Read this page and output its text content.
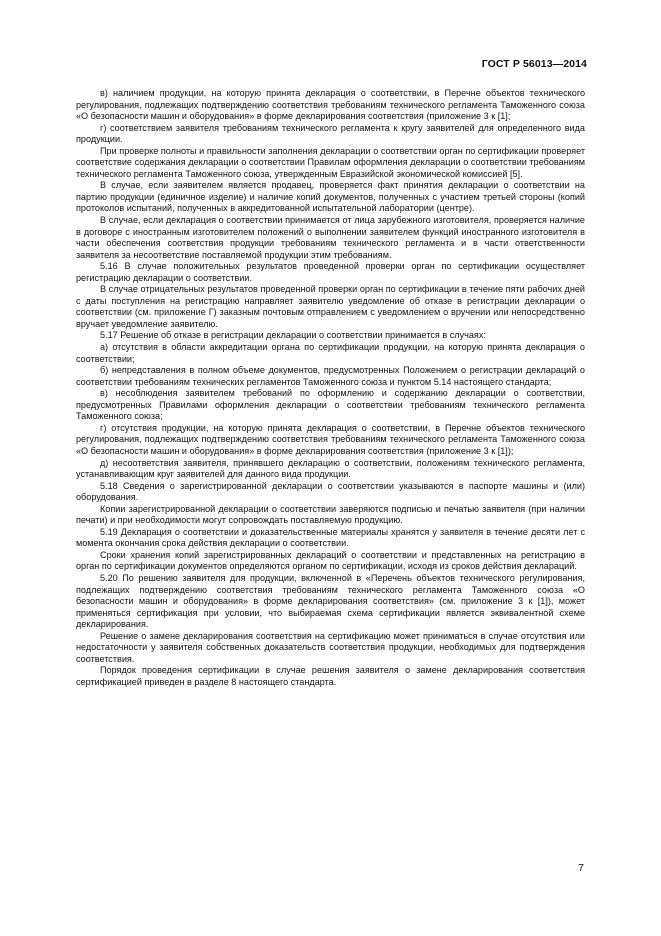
ГОСТ Р 56013—2014

в) наличием продукции, на которую принята декларация о соответствии, в Перечне объектов технического регулирования, подлежащих подтверждению соответствия требованиям технического регламента Таможенного союза «О безопасности машин и оборудования» в форме декларирования соответствия (приложение 3 к [1];

г) соответствием заявителя требованиям технического регламента к кругу заявителей для определенного вида продукции.

При проверке полноты и правильности заполнения декларации о соответствии орган по сертификации проверяет соответствие содержания декларации о соответствии Правилам оформления декларации о соответствии требованиям технического регламента Таможенного союза, утвержденным Евразийской экономической комиссией [5].

В случае, если заявителем является продавец, проверяется факт принятия декларации о соответствии на партию продукции (единичное изделие) и наличие копий документов, полученных с участием третьей стороны (копий протоколов испытаний, полученных в аккредитованной испытательной лаборатории (центре).

В случае, если декларация о соответствии принимается от лица зарубежного изготовителя, проверяется наличие в договоре с иностранным изготовителем положений о выполнении заявителем функций иностранного изготовителя в части обеспечения соответствия продукции требованиям технического регламента и в части ответственности заявителя за несоответствие поставляемой продукции этим требованиям.

5.16 В случае положительных результатов проведенной проверки орган по сертификации осуществляет регистрацию декларации о соответствии.

В случае отрицательных результатов проведенной проверки орган по сертификации в течение пяти рабочих дней с даты поступления на регистрацию направляет заявителю уведомление об отказе в регистрации декларации о соответствии (см. приложение Г) заказным почтовым отправлением с уведомлением о вручении или непосредственно вручает уведомление заявителю.

5.17 Решение об отказе в регистрации декларации о соответствии принимается в случаях:

а) отсутствия в области аккредитации органа по сертификации продукции, на которую принята декларация о соответствии;

б) непредставления в полном объеме документов, предусмотренных Положением о регистрации деклараций о соответствии требованиям технических регламентов Таможенного союза и пунктом 5.14 настоящего стандарта;

в) несоблюдения заявителем требований по оформлению и содержанию декларации о соответствии, предусмотренных Правилами оформления декларации о соответствии требованиям технического регламента Таможенного союза;

г) отсутствия продукции, на которую принята декларация о соответствии, в Перечне объектов технического регулирования, подлежащих подтверждению соответствия требованиям технического регламента Таможенного союза «О безопасности машин и оборудования» в форме декларирования соответствия (приложение 3 к [1]);

д) несоответствия заявителя, принявшего декларацию о соответствии, положениям технического регламента, устанавливающим круг заявителей для данного вида продукции.

5.18 Сведения о зарегистрированной декларации о соответствии указываются в паспорте машины и (или) оборудования.

Копии зарегистрированной декларации о соответствии заверяются подписью и печатью заявителя (при наличии печати) и при необходимости могут сопровождать поставляемую продукцию.

5.19 Декларация о соответствии и доказательственные материалы хранятся у заявителя в течение десяти лет с момента окончания срока действия декларации о соответствии.

Сроки хранения копий зарегистрированных деклараций о соответствии и представленных на регистрацию в орган по сертификации документов определяются органом по сертификации, исходя из сроков действия деклараций.

5.20 По решению заявителя для продукции, включенной в «Перечень объектов технического регулирования, подлежащих подтверждению соответствия требованиям технического регламента Таможенного союза «О безопасности машин и оборудования» в форме декларирования соответствия» (см. приложение 3 к [1]), может применяться сертификация при условии, что выбираемая схема сертификации является эквивалентной схеме декларирования.

Решение о замене декларирования соответствия на сертификацию может приниматься в случае отсутствия или недостаточности у заявителя собственных доказательств соответствия продукции, необходимых для подтверждения соответствия.

Порядок проведения сертификации в случае решения заявителя о замене декларирования соответствия сертификацией приведен в разделе 8 настоящего стандарта.

7
